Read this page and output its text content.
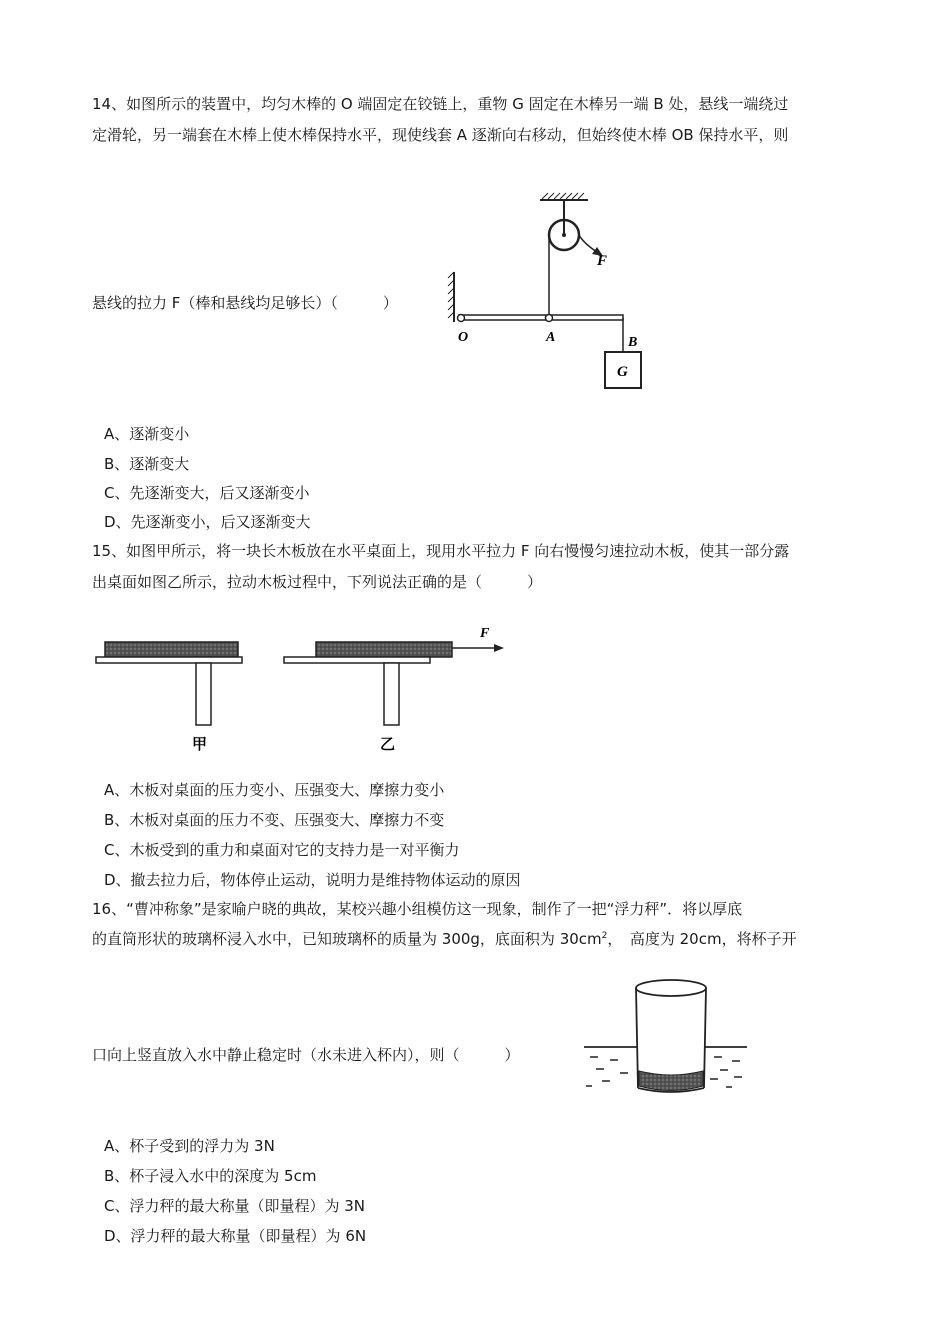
14、如图所示的装置中，均匀木棒的 O 端固定在铰链上，重物 G 固定在木棒另一端 B 处，悬线一端绕过
定滑轮，另一端套在木棒上使木棒保持水平，现使线套 A 逐渐向右移动，但始终使木棒 OB 保持水平，则
悬线的拉力 F（棒和悬线均足够长）（　　　）
F
O	A	B
G
A、逐渐变小
B、逐渐变大
C、先逐渐变大，后又逐渐变小
D、先逐渐变小，后又逐渐变大
15、如图甲所示，将一块长木板放在水平桌面上，现用水平拉力 F 向右慢慢匀速拉动木板，使其一部分露
出桌面如图乙所示，拉动木板过程中，下列说法正确的是（　　　）
甲	乙
F
A、木板对桌面的压力变小、压强变大、摩擦力变小
B、木板对桌面的压力不变、压强变大、摩擦力不变
C、木板受到的重力和桌面对它的支持力是一对平衡力
D、撤去拉力后，物体停止运动，说明力是维持物体运动的原因
16、“曹冲称象”是家喻户晓的典故，某校兴趣小组模仿这一现象，制作了一把“浮力秤”．将以厚底
的直筒形状的玻璃杯浸入水中，已知玻璃杯的质量为 300g，底面积为 $30cm^2$，　高度为 20cm，将杯子开
口向上竖直放入水中静止稳定时（水未进入杯内），则（　　　）
A、杯子受到的浮力为 3N
B、杯子浸入水中的深度为 5cm
C、浮力秤的最大称量（即量程）为 3N
D、浮力秤的最大称量（即量程）为 6N
